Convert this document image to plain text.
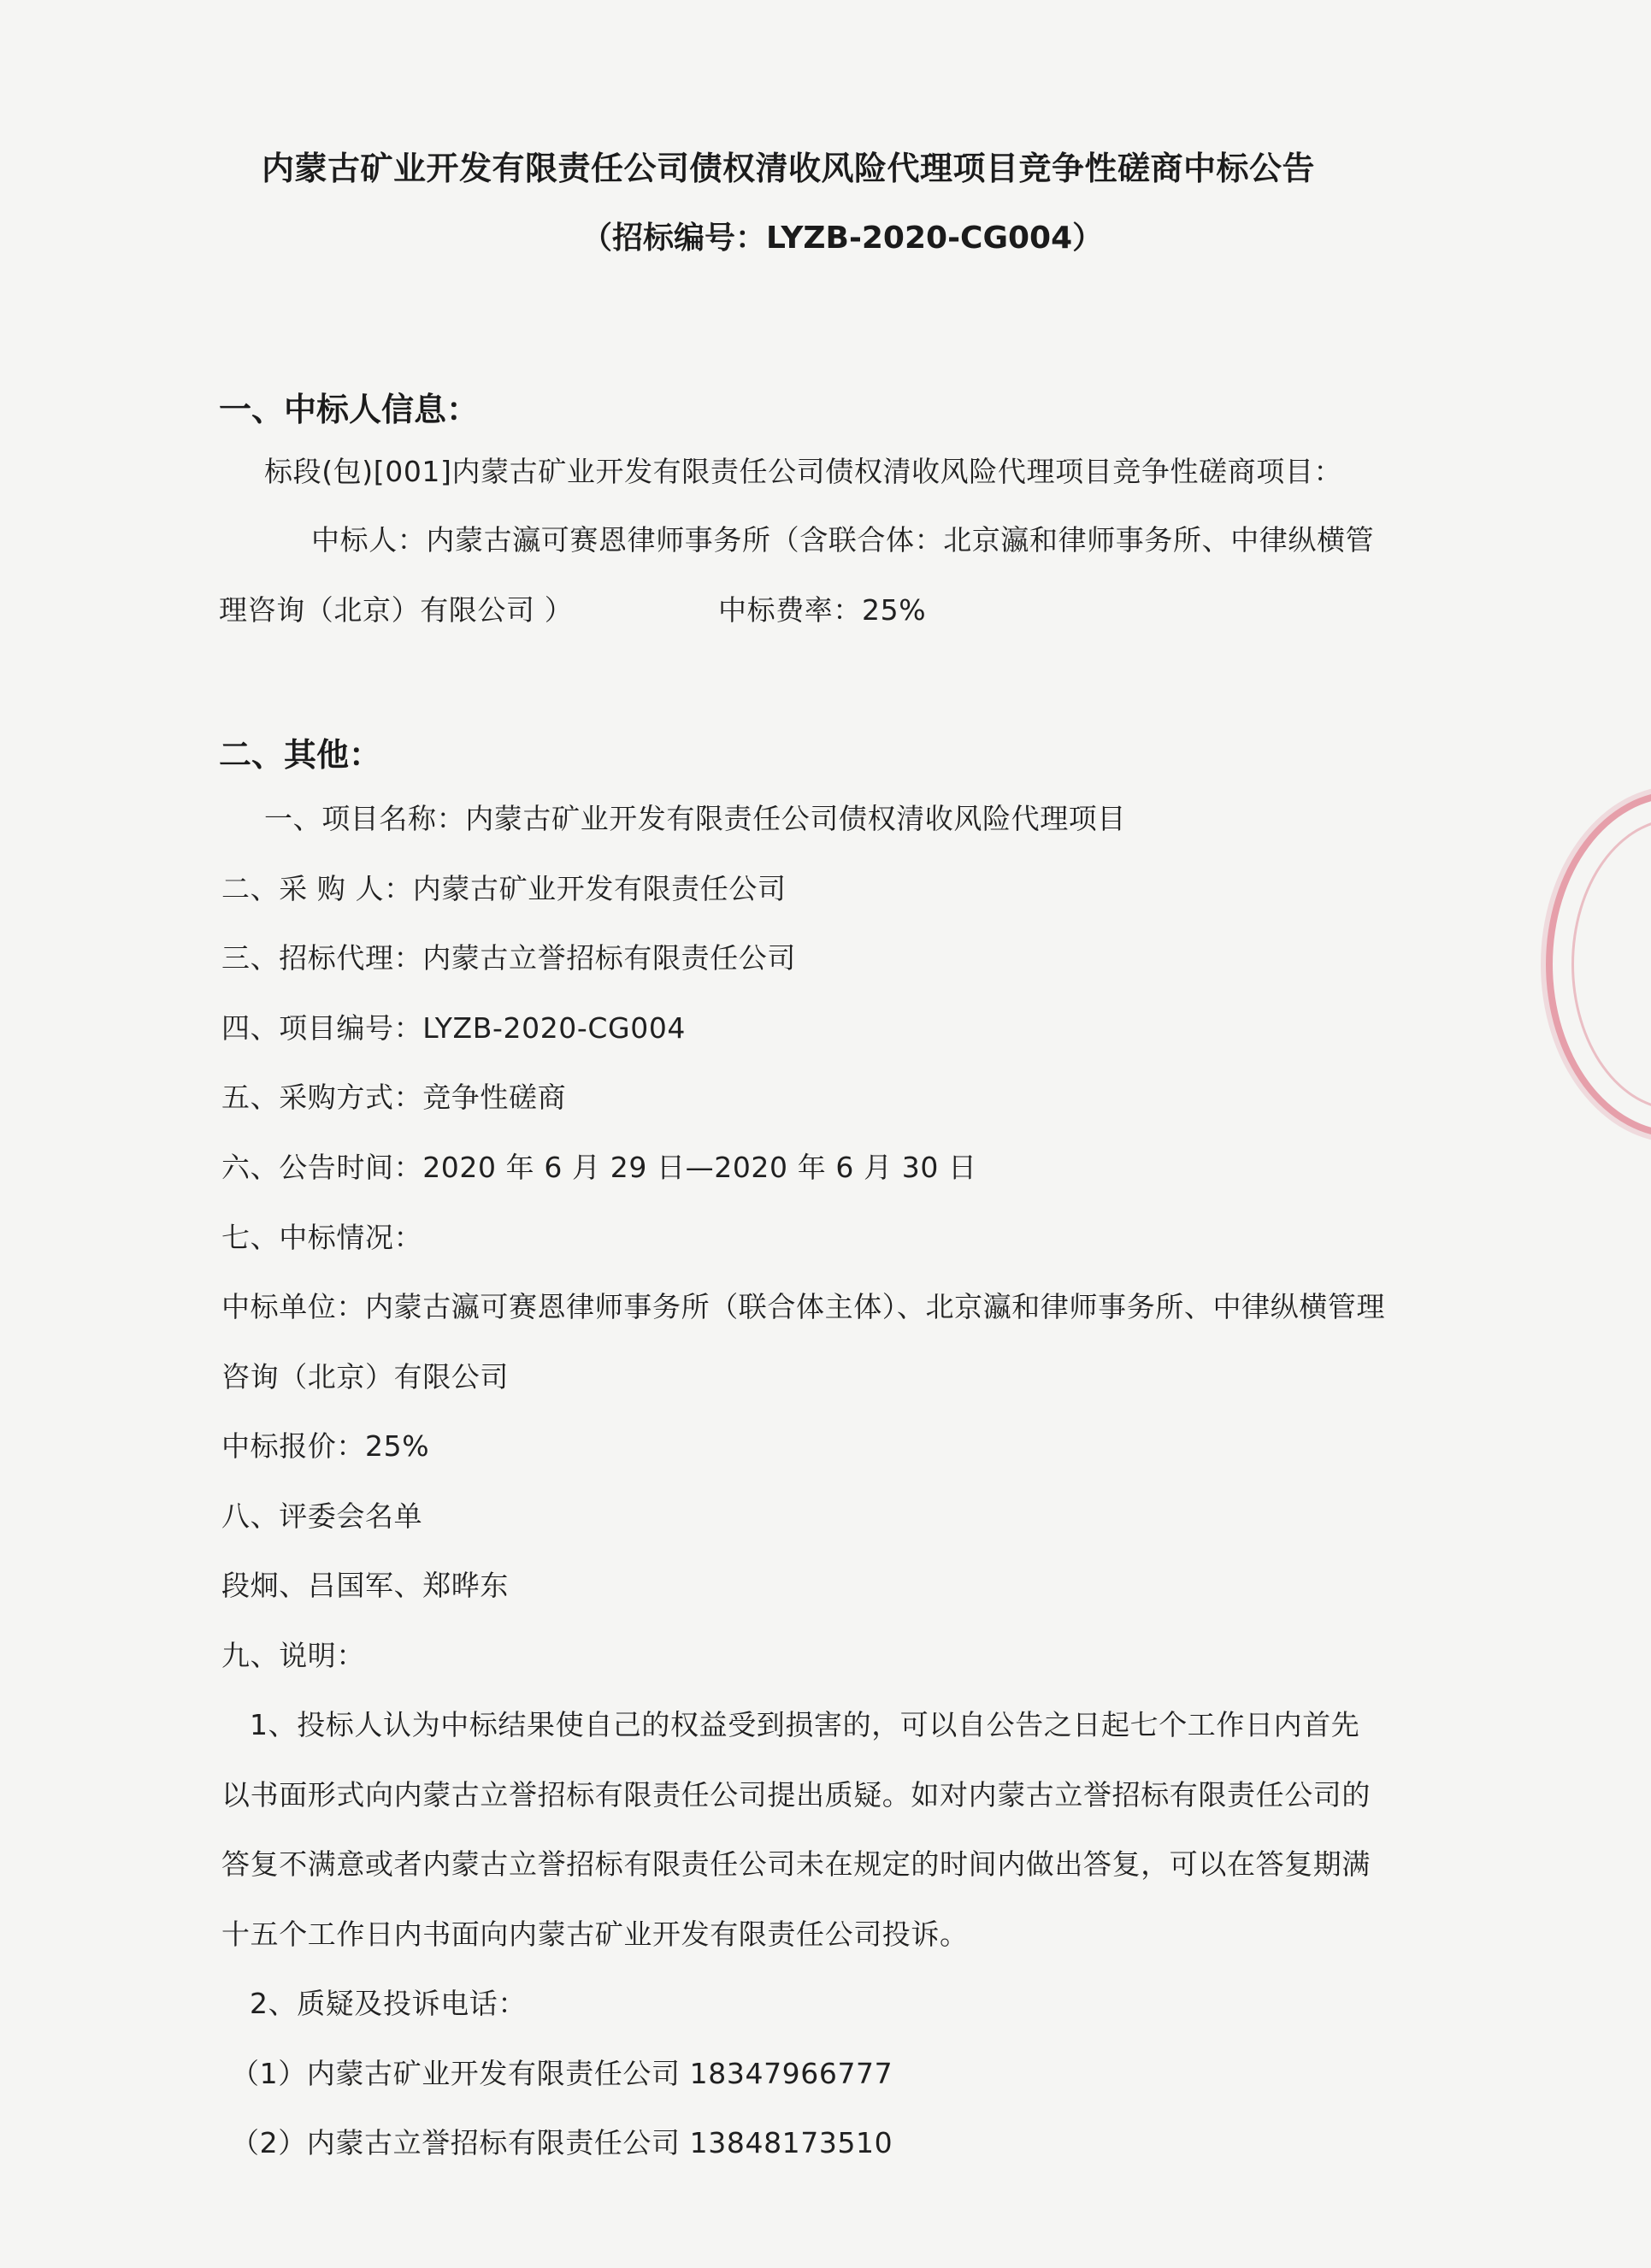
内蒙古矿业开发有限责任公司债权清收风险代理项目竞争性磋商中标公告
（招标编号：LYZB-2020-CG004）
一、中标人信息：
标段(包)[001]内蒙古矿业开发有限责任公司债权清收风险代理项目竞争性磋商项目：
中标人：内蒙古瀛可赛恩律师事务所（含联合体：北京瀛和律师事务所、中律纵横管
理咨询（北京）有限公司 ）	中标费率：25%
二、其他：
一、项目名称：内蒙古矿业开发有限责任公司债权清收风险代理项目
二、采 购 人：内蒙古矿业开发有限责任公司
三、招标代理：内蒙古立誉招标有限责任公司
四、项目编号：LYZB-2020-CG004
五、采购方式：竞争性磋商
六、公告时间：2020 年 6 月 29 日—2020 年 6 月 30 日
七、中标情况：
中标单位：内蒙古瀛可赛恩律师事务所（联合体主体）、北京瀛和律师事务所、中律纵横管理
咨询（北京）有限公司
中标报价：25%
八、评委会名单
段炯、吕国军、郑晔东
九、说明：
1、投标人认为中标结果使自己的权益受到损害的，可以自公告之日起七个工作日内首先
以书面形式向内蒙古立誉招标有限责任公司提出质疑。如对内蒙古立誉招标有限责任公司的
答复不满意或者内蒙古立誉招标有限责任公司未在规定的时间内做出答复，可以在答复期满
十五个工作日内书面向内蒙古矿业开发有限责任公司投诉。
2、质疑及投诉电话：
（1）内蒙古矿业开发有限责任公司 18347966777
（2）内蒙古立誉招标有限责任公司 13848173510
